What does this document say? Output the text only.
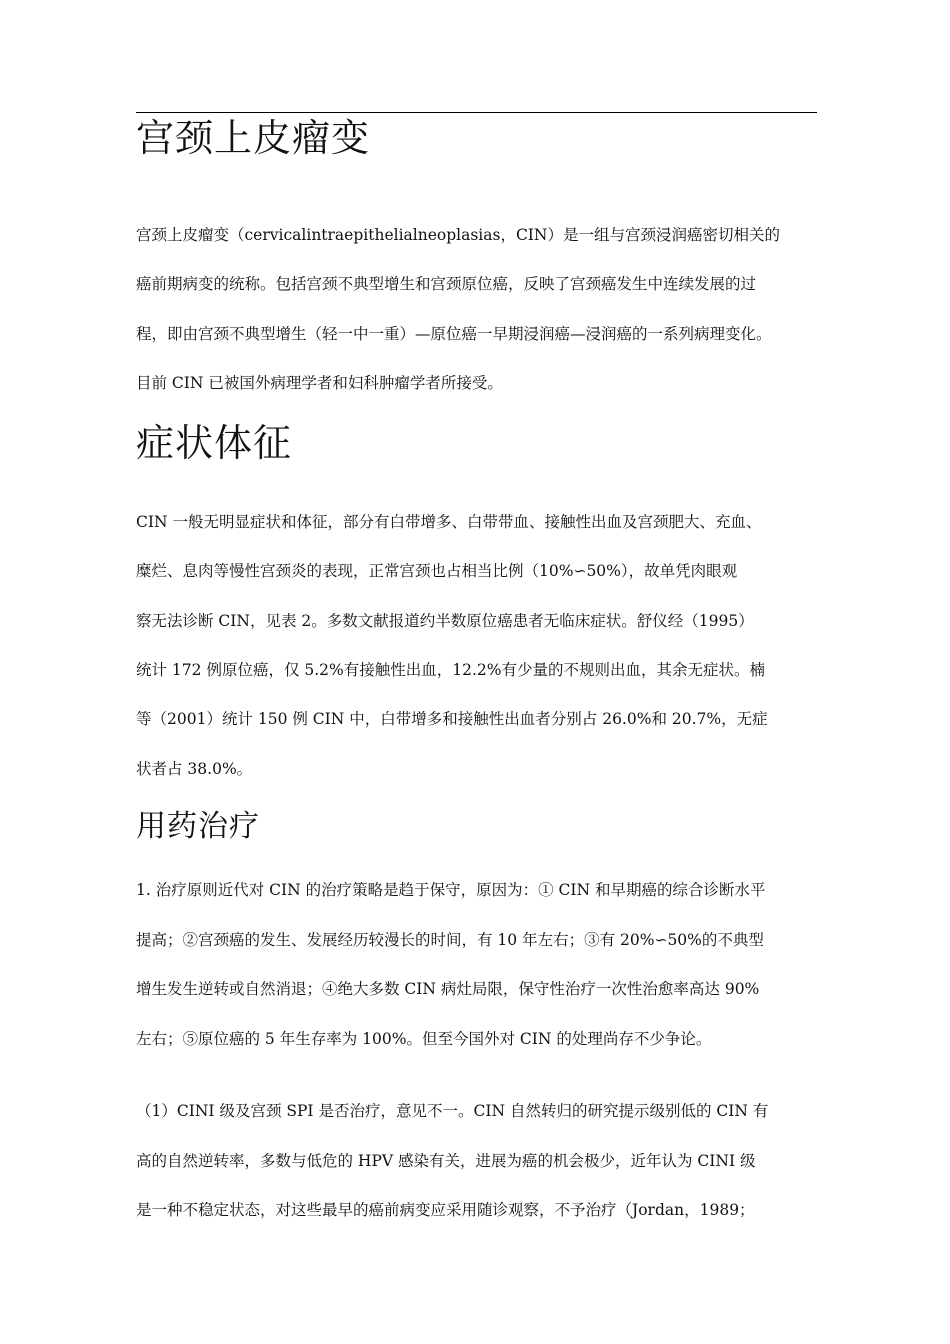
宫颈上皮瘤变

宫颈上皮瘤变（cervicalintraepithelialneoplasias，CIN）是一组与宫颈浸润癌密切相关的

癌前期病变的统称。包括宫颈不典型增生和宫颈原位癌，反映了宫颈癌发生中连续发展的过

程，即由宫颈不典型增生（轻一中一重）—原位癌一早期浸润癌—浸润癌的一系列病理变化。

目前 CIN 已被国外病理学者和妇科肿瘤学者所接受。

症状体征

CIN 一般无明显症状和体征，部分有白带增多、白带带血、接触性出血及宫颈肥大、充血、

糜烂、息肉等慢性宫颈炎的表现，正常宫颈也占相当比例（10%∽50%），故单凭肉眼观

察无法诊断 CIN，见表 2。多数文献报道约半数原位癌患者无临床症状。舒仪经（1995）

统计 172 例原位癌，仅 5.2%有接触性出血，12.2%有少量的不规则出血，其余无症状。楠

等（2001）统计 150 例 CIN 中，白带增多和接触性出血者分别占 26.0%和 20.7%，无症

状者占 38.0%。

用药治疗

1. 治疗原则近代对 CIN 的治疗策略是趋于保守，原因为：① CIN 和早期癌的综合诊断水平

提高；②宫颈癌的发生、发展经历较漫长的时间，有 10 年左右；③有 20%∽50%的不典型

增生发生逆转或自然消退；④绝大多数 CIN 病灶局限，保守性治疗一次性治愈率高达 90%

左右；⑤原位癌的 5 年生存率为 100%。但至今国外对 CIN 的处理尚存不少争论。

（1）CINI 级及宫颈 SPI 是否治疗，意见不一。CIN 自然转归的研究提示级别低的 CIN 有

高的自然逆转率，多数与低危的 HPV 感染有关，进展为癌的机会极少，近年认为 CINI 级

是一种不稳定状态，对这些最早的癌前病变应采用随诊观察，不予治疗（Jordan，1989；
